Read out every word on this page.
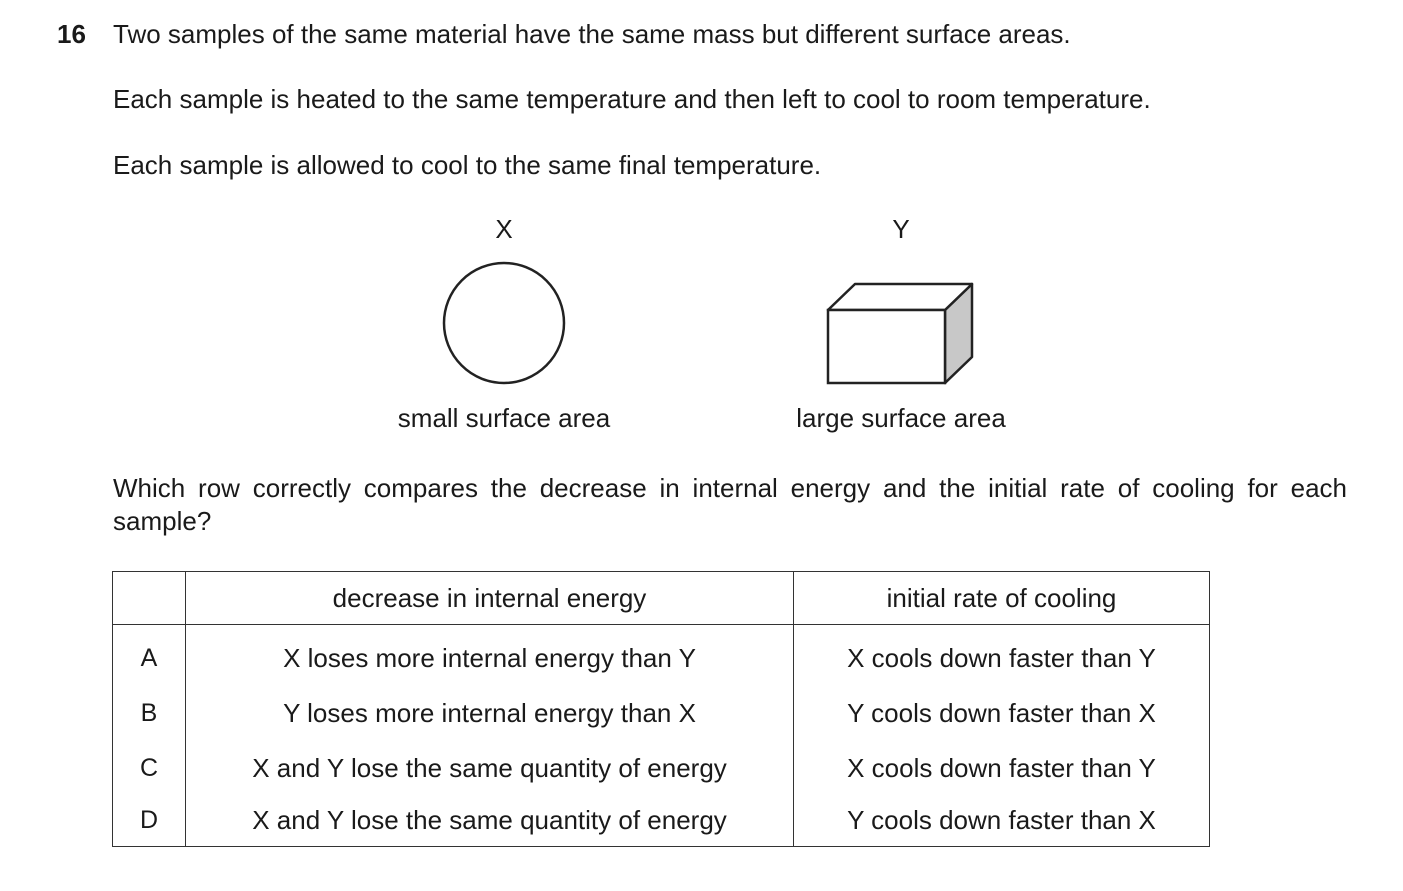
16 Two samples of the same material have the same mass but different surface areas.
Each sample is heated to the same temperature and then left to cool to room temperature.
Each sample is allowed to cool to the same final temperature.
X	Y
small surface area	large surface area
Which row correctly compares the decrease in internal energy and the initial rate of cooling for each sample?
	decrease in internal energy	initial rate of cooling
A	X loses more internal energy than Y	X cools down faster than Y
B	Y loses more internal energy than X	Y cools down faster than X
C	X and Y lose the same quantity of energy	X cools down faster than Y
D	X and Y lose the same quantity of energy	Y cools down faster than X
